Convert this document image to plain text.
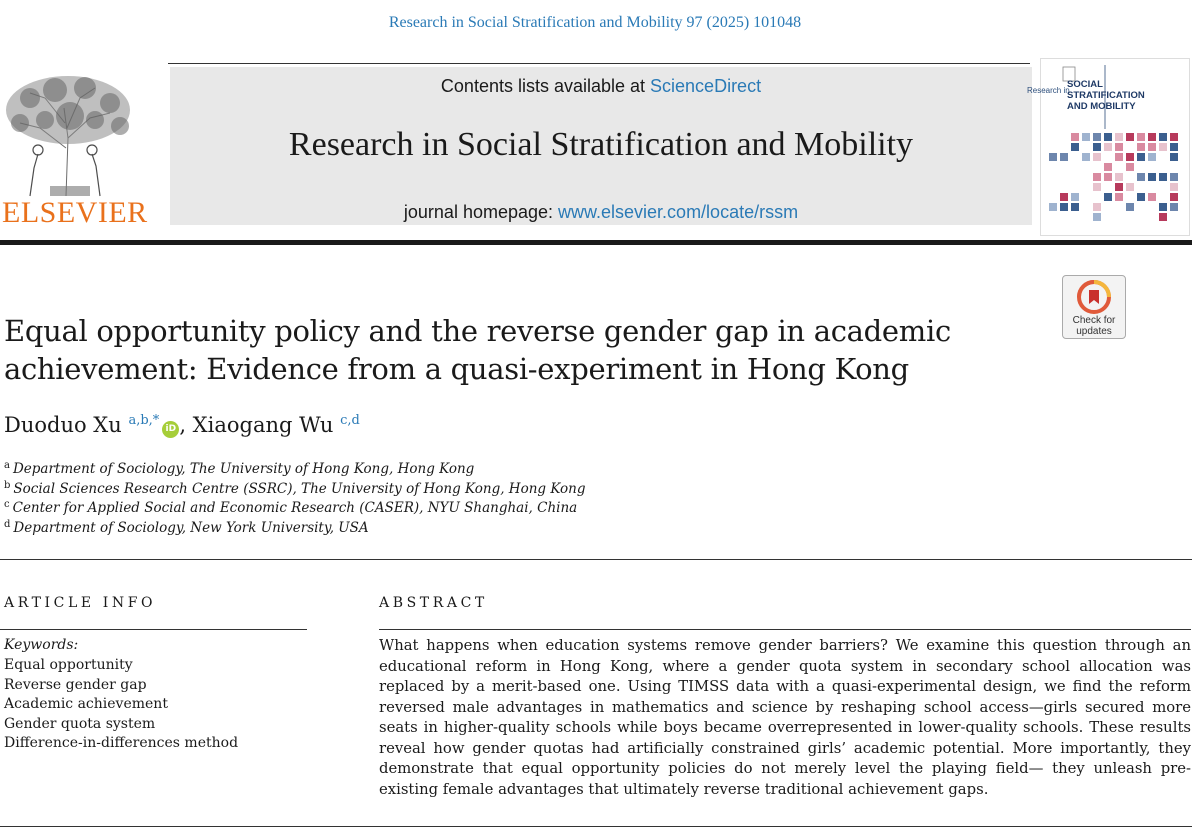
Research in Social Stratification and Mobility 97 (2025) 101048
ELSEVIER
Contents lists available at ScienceDirect
Research in Social Stratification and Mobility
journal homepage: www.elsevier.com/locate/rssm
Research in
SOCIAL
STRATIFICATION
AND MOBILITY
Check for
updates
Equal opportunity policy and the reverse gender gap in academic
achievement: Evidence from a quasi-experiment in Hong Kong
Duoduo Xu $^{a,b,*}$iD , Xiaogang Wu $^{c,d}$
$^a$ Department of Sociology, The University of Hong Kong, Hong Kong
$^b$ Social Sciences Research Centre (SSRC), The University of Hong Kong, Hong Kong
$^c$ Center for Applied Social and Economic Research (CASER), NYU Shanghai, China
$^d$ Department of Sociology, New York University, USA
ARTICLE INFO	ABSTRACT
Keywords:
Equal opportunity
Reverse gender gap
Academic achievement
Gender quota system
Difference-in-differences method
What happens when education systems remove gender barriers? We examine this question through an educational reform in Hong Kong, where a gender quota system in secondary school allocation was replaced by a merit-based one. Using TIMSS data with a quasi-experimental design, we find the reform reversed male advantages in mathematics and science by reshaping school access—girls secured more seats in higher-quality schools while boys became overrepresented in lower-quality schools. These results reveal how gender quotas had artificially constrained girls’ academic potential. More importantly, they demonstrate that equal opportunity policies do not merely level the playing field— they unleash pre-existing female advantages that ultimately reverse traditional achievement gaps.
